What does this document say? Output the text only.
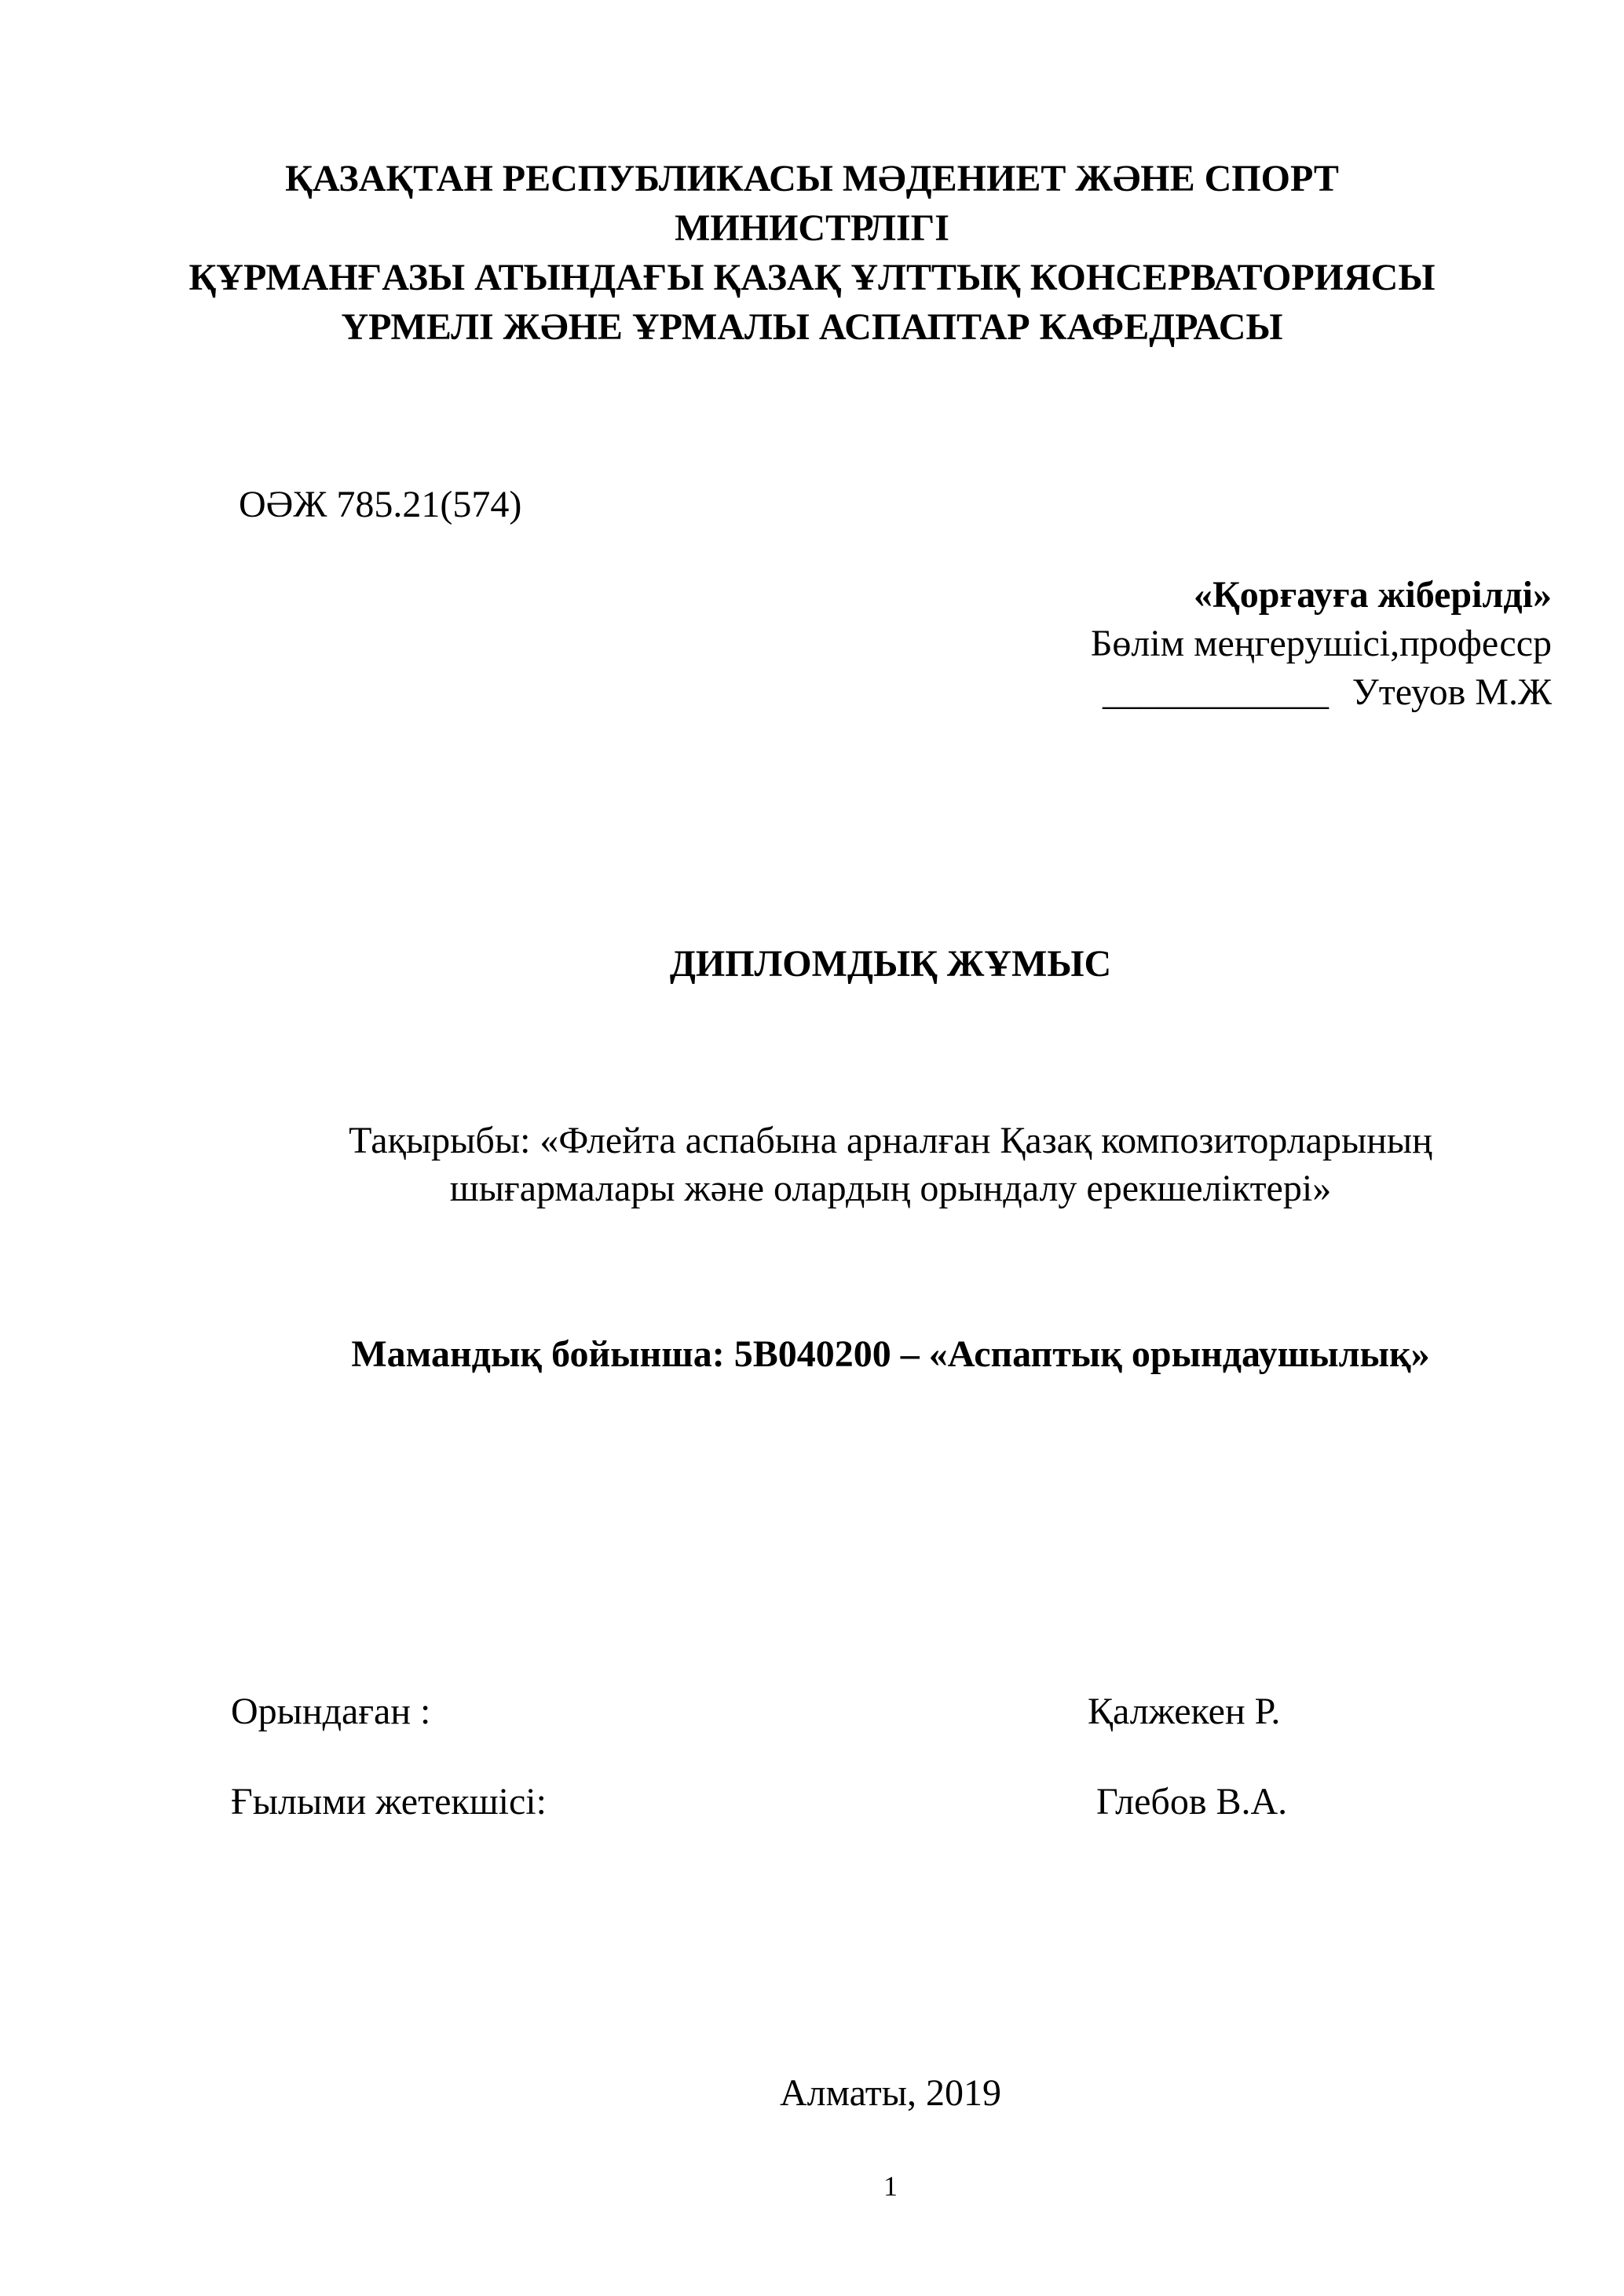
ҚАЗАҚТАН РЕСПУБЛИКАСЫ МӘДЕНИЕТ ЖӘНЕ СПОРТ
МИНИСТРЛІГІ
ҚҰРМАНҒАЗЫ АТЫНДАҒЫ ҚАЗАҚ ҰЛТТЫҚ КОНСЕРВАТОРИЯСЫ
ҮРМЕЛІ ЖӘНЕ ҰРМАЛЫ АСПАПТАР КАФЕДРАСЫ
ОӘЖ 785.21(574)
«Қорғауға жіберілді»
Бөлім меңгерушісі,професср
____________ Утеуов М.Ж
ДИПЛОМДЫҚ ЖҰМЫС
Тақырыбы: «Флейта аспабына арналған Қазақ композиторларының
шығармалары және олардың орындалу ерекшеліктері»
Мамандық бойынша: 5В040200 – «Аспаптық орындаушылық»
Орындаған :	Қалжекен Р.
Ғылыми жетекшісі:	Глебов В.А.
Алматы, 2019
1
